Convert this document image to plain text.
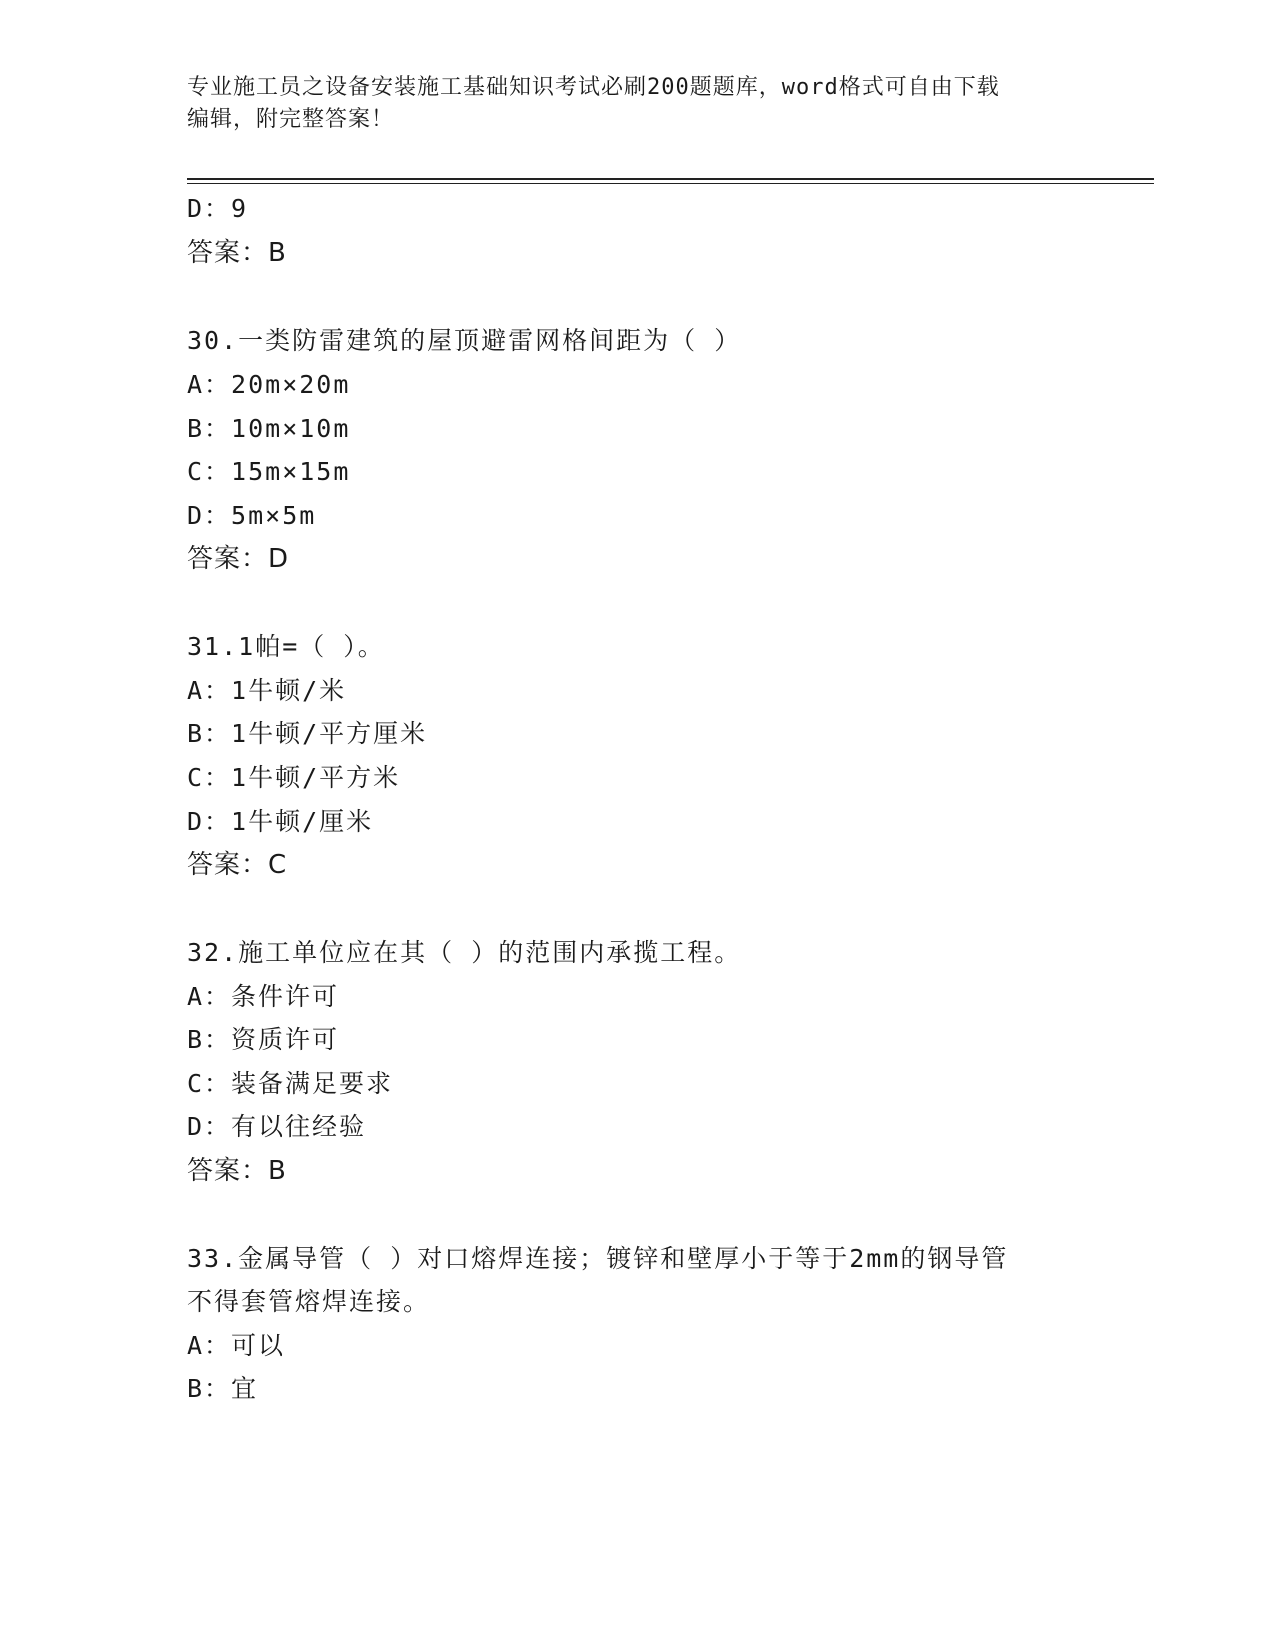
专业施工员之设备安装施工基础知识考试必刷200题题库，word格式可自由下载
编辑，附完整答案！
D：9
答案：B
30.一类防雷建筑的屋顶避雷网格间距为（ ）
A：20m×20m
B：10m×10m
C：15m×15m
D：5m×5m
答案：D
31.1帕=（ ）。
A：1牛顿/米
B：1牛顿/平方厘米
C：1牛顿/平方米
D：1牛顿/厘米
答案：C
32.施工单位应在其（ ）的范围内承揽工程。
A：条件许可
B：资质许可
C：装备满足要求
D：有以往经验
答案：B
33.金属导管（ ）对口熔焊连接；镀锌和壁厚小于等于2mm的钢导管
不得套管熔焊连接。
A：可以
B：宜
